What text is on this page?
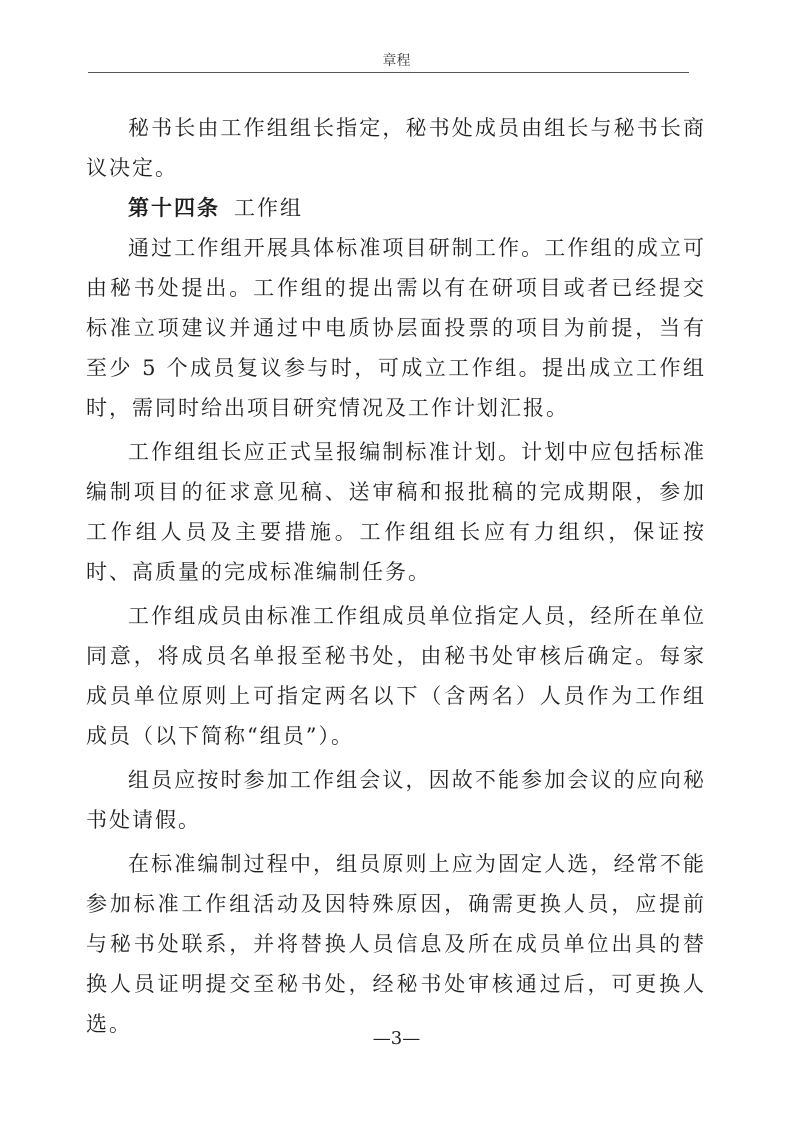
章程

秘书长由工作组组长指定，秘书处成员由组长与秘书长商议决定。

第十四条 工作组

通过工作组开展具体标准项目研制工作。工作组的成立可由秘书处提出。工作组的提出需以有在研项目或者已经提交标准立项建议并通过中电质协层面投票的项目为前提，当有至少 5 个成员复议参与时，可成立工作组。提出成立工作组时，需同时给出项目研究情况及工作计划汇报。

工作组组长应正式呈报编制标准计划。计划中应包括标准编制项目的征求意见稿、送审稿和报批稿的完成期限，参加工作组人员及主要措施。工作组组长应有力组织，保证按时、高质量的完成标准编制任务。

工作组成员由标准工作组成员单位指定人员，经所在单位同意，将成员名单报至秘书处，由秘书处审核后确定。每家成员单位原则上可指定两名以下（含两名）人员作为工作组成员（以下简称“组员”）。

组员应按时参加工作组会议，因故不能参加会议的应向秘书处请假。

在标准编制过程中，组员原则上应为固定人选，经常不能参加标准工作组活动及因特殊原因，确需更换人员，应提前与秘书处联系，并将替换人员信息及所在成员单位出具的替换人员证明提交至秘书处，经秘书处审核通过后，可更换人选。

—3—
